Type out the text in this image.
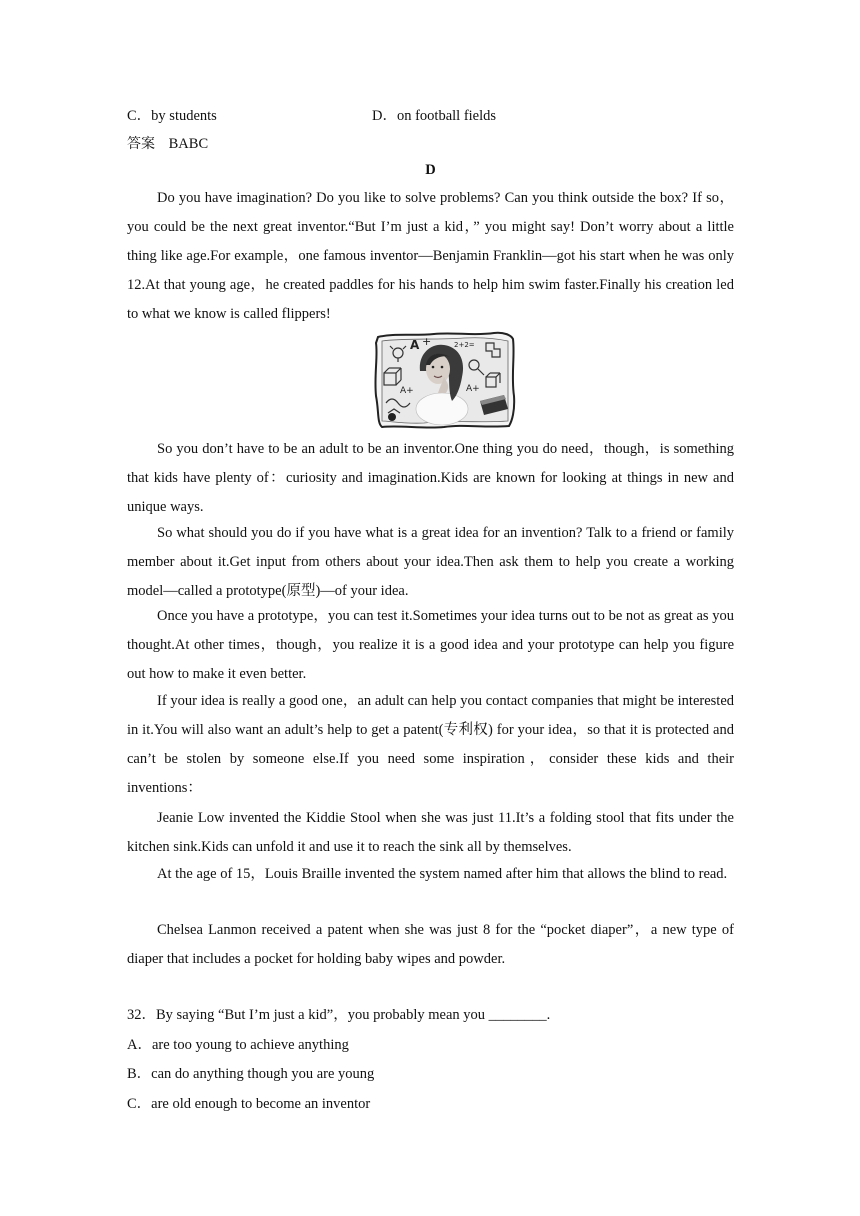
C．by students	D．on football fields
答案 BABC
D

Do you have imagination? Do you like to solve problems? Can you think outside the box? If so，you could be the next great inventor.“But I’m just a kid，” you might say! Don’t worry about a little thing like age.For example，one famous inventor—Benjamin Franklin—got his start when he was only 12.At that young age，he created paddles for his hands to help him swim faster.Finally his creation led to what we know is called flippers!

A +
A+
2+2=
A+

So you don’t have to be an adult to be an inventor.One thing you do need，though，is something that kids have plenty of：curiosity and imagination.Kids are known for looking at things in new and unique ways.

So what should you do if you have what is a great idea for an invention? Talk to a friend or family member about it.Get input from others about your idea.Then ask them to help you create a working model—called a prototype(原型)—of your idea.

Once you have a prototype，you can test it.Sometimes your idea turns out to be not as great as you thought.At other times，though，you realize it is a good idea and your prototype can help you figure out how to make it even better.

If your idea is really a good one，an adult can help you contact companies that might be interested in it.You will also want an adult’s help to get a patent(专利权) for your idea，so that it is protected and can’t be stolen by someone else.If you need some inspiration，consider these kids and their inventions：

Jeanie Low invented the Kiddie Stool when she was just 11.It’s a folding stool that fits under the kitchen sink.Kids can unfold it and use it to reach the sink all by themselves.

At the age of 15，Louis Braille invented the system named after him that allows the blind to read.

Chelsea Lanmon received a patent when she was just 8 for the “pocket diaper”，a new type of diaper that includes a pocket for holding baby wipes and powder.

32．By saying “But I’m just a kid”，you probably mean you ________.
A．are too young to achieve anything
B．can do anything though you are young
C．are old enough to become an inventor
